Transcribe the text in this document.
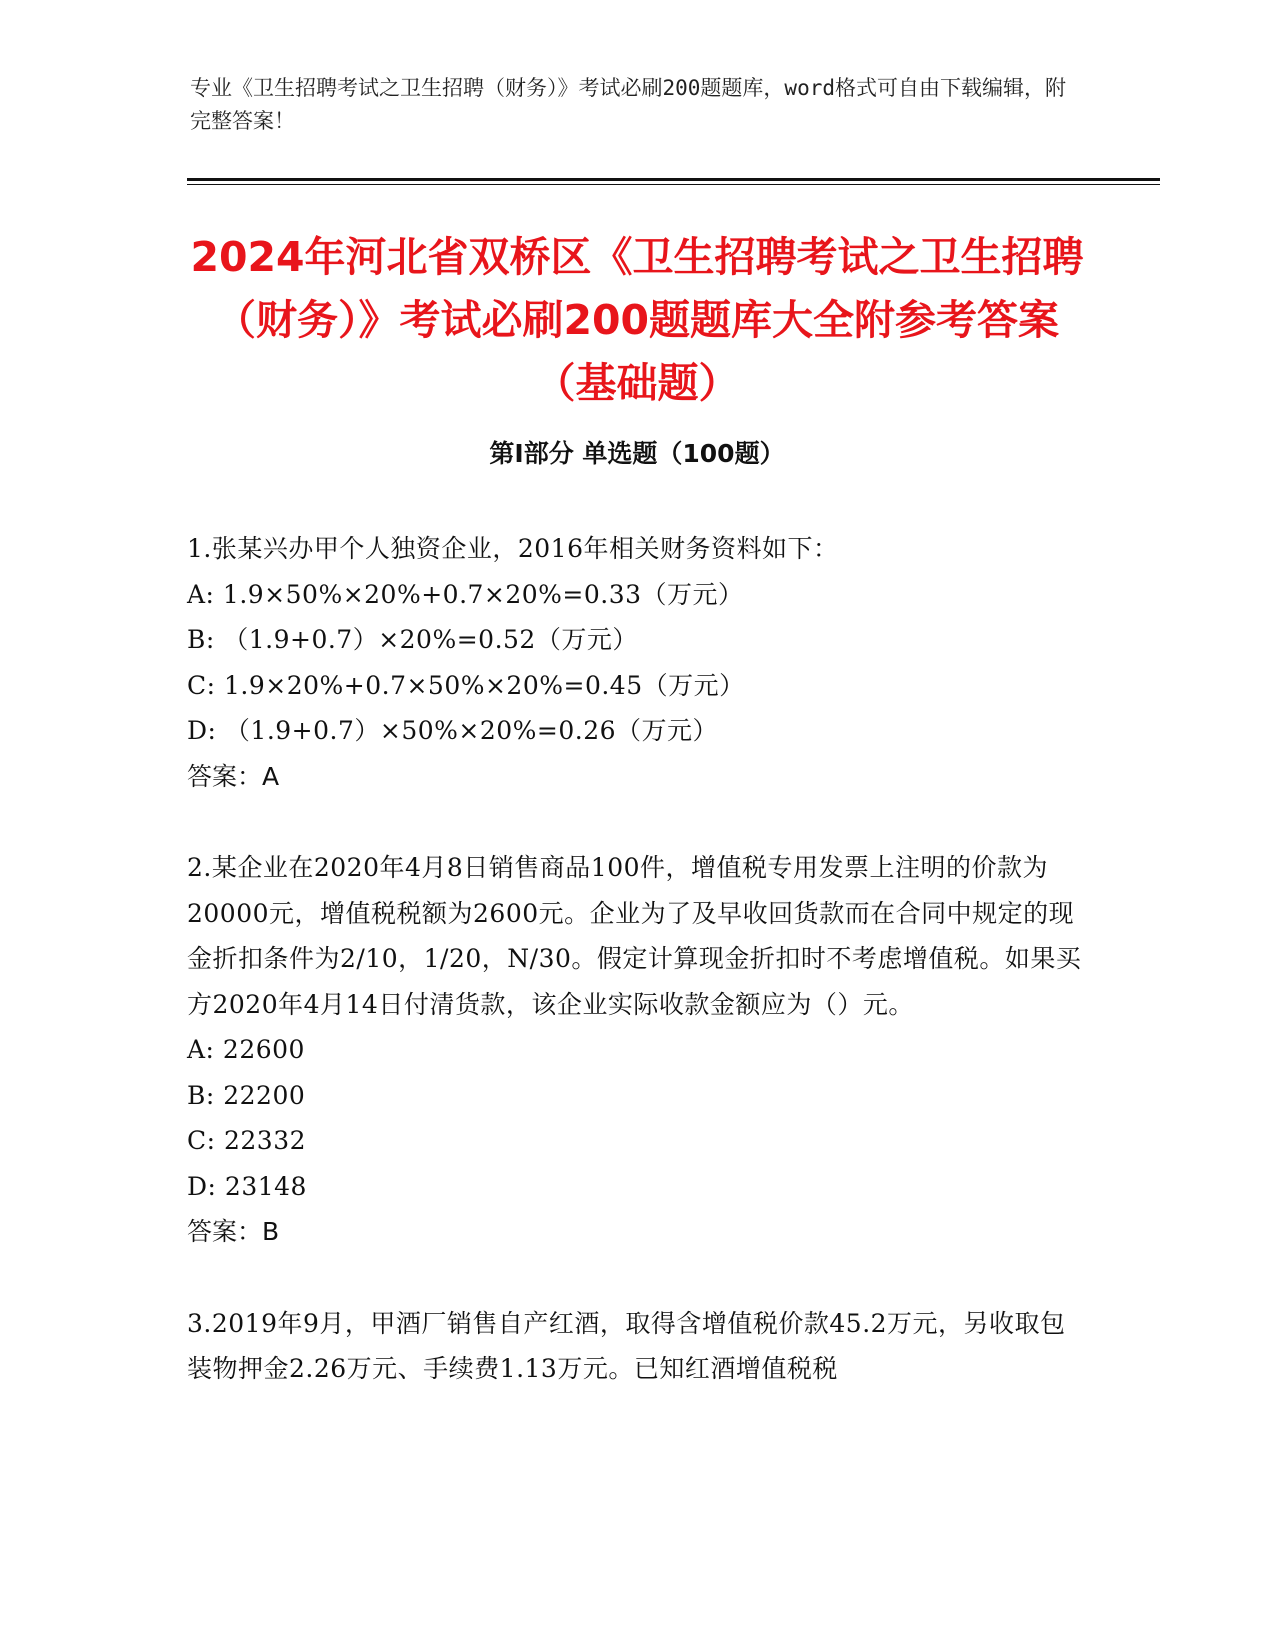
专业《卫生招聘考试之卫生招聘（财务）》考试必刷200题题库，word格式可自由下载编辑，附完整答案！
2024年河北省双桥区《卫生招聘考试之卫生招聘（财务）》考试必刷200题题库大全附参考答案（基础题）
第Ⅰ部分 单选题（100题）
1.张某兴办甲个人独资企业，2016年相关财务资料如下：
A: 1.9×50%×20%+0.7×20%=0.33（万元）
B: （1.9+0.7）×20%=0.52（万元）
C: 1.9×20%+0.7×50%×20%=0.45（万元）
D: （1.9+0.7）×50%×20%=0.26（万元）
答案：A
2.某企业在2020年4月8日销售商品100件，增值税专用发票上注明的价款为20000元，增值税税额为2600元。企业为了及早收回货款而在合同中规定的现金折扣条件为2/10，1/20，N/30。假定计算现金折扣时不考虑增值税。如果买方2020年4月14日付清货款，该企业实际收款金额应为（）元。
A: 22600
B: 22200
C: 22332
D: 23148
答案：B
3.2019年9月，甲酒厂销售自产红酒，取得含增值税价款45.2万元，另收取包装物押金2.26万元、手续费1.13万元。已知红酒增值税税
